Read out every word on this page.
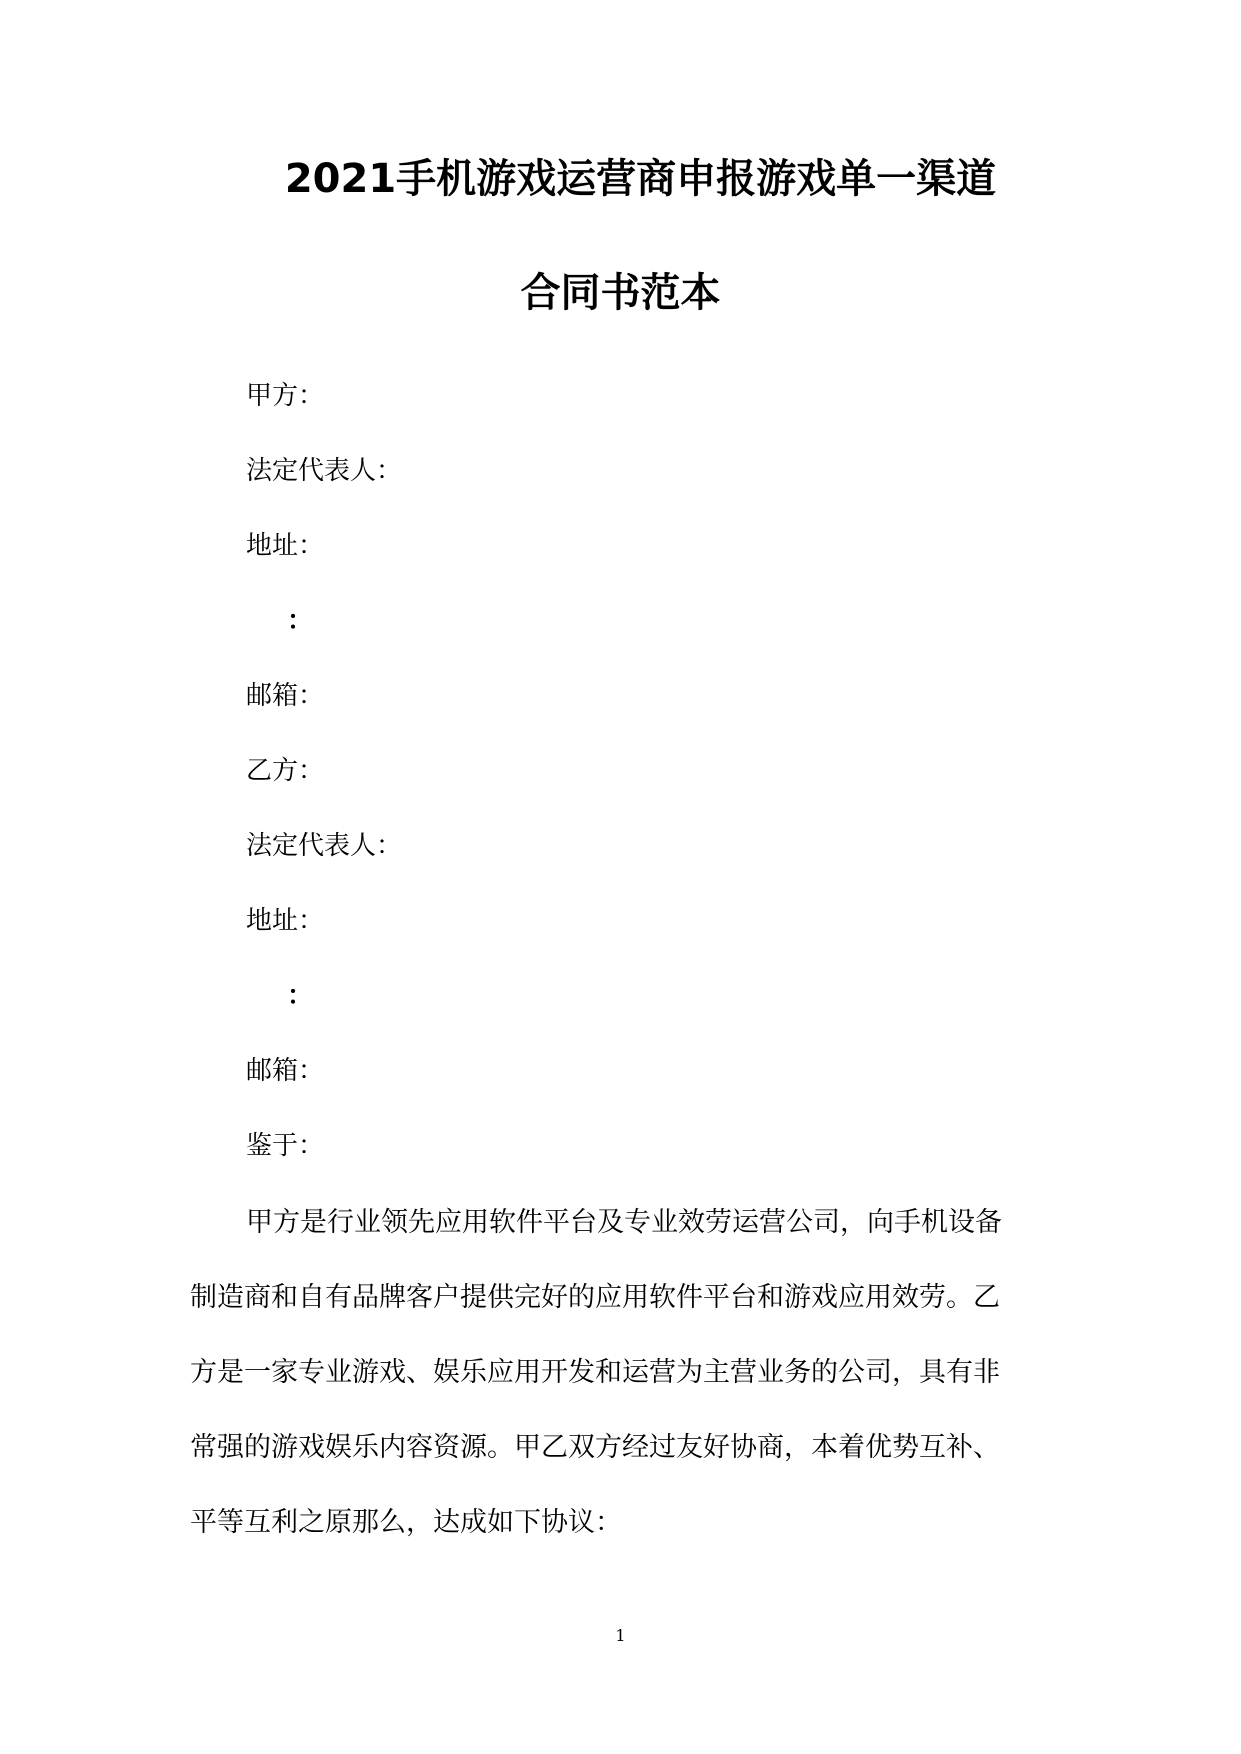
2021手机游戏运营商申报游戏单一渠道
合同书范本
甲方：
法定代表人：
地址：
：
邮箱：
乙方：
法定代表人：
地址：
：
邮箱：
鉴于：
甲方是行业领先应用软件平台及专业效劳运营公司，向手机设备
制造商和自有品牌客户提供完好的应用软件平台和游戏应用效劳。乙
方是一家专业游戏、娱乐应用开发和运营为主营业务的公司，具有非
常强的游戏娱乐内容资源。甲乙双方经过友好协商，本着优势互补、
平等互利之原那么，达成如下协议：
1
